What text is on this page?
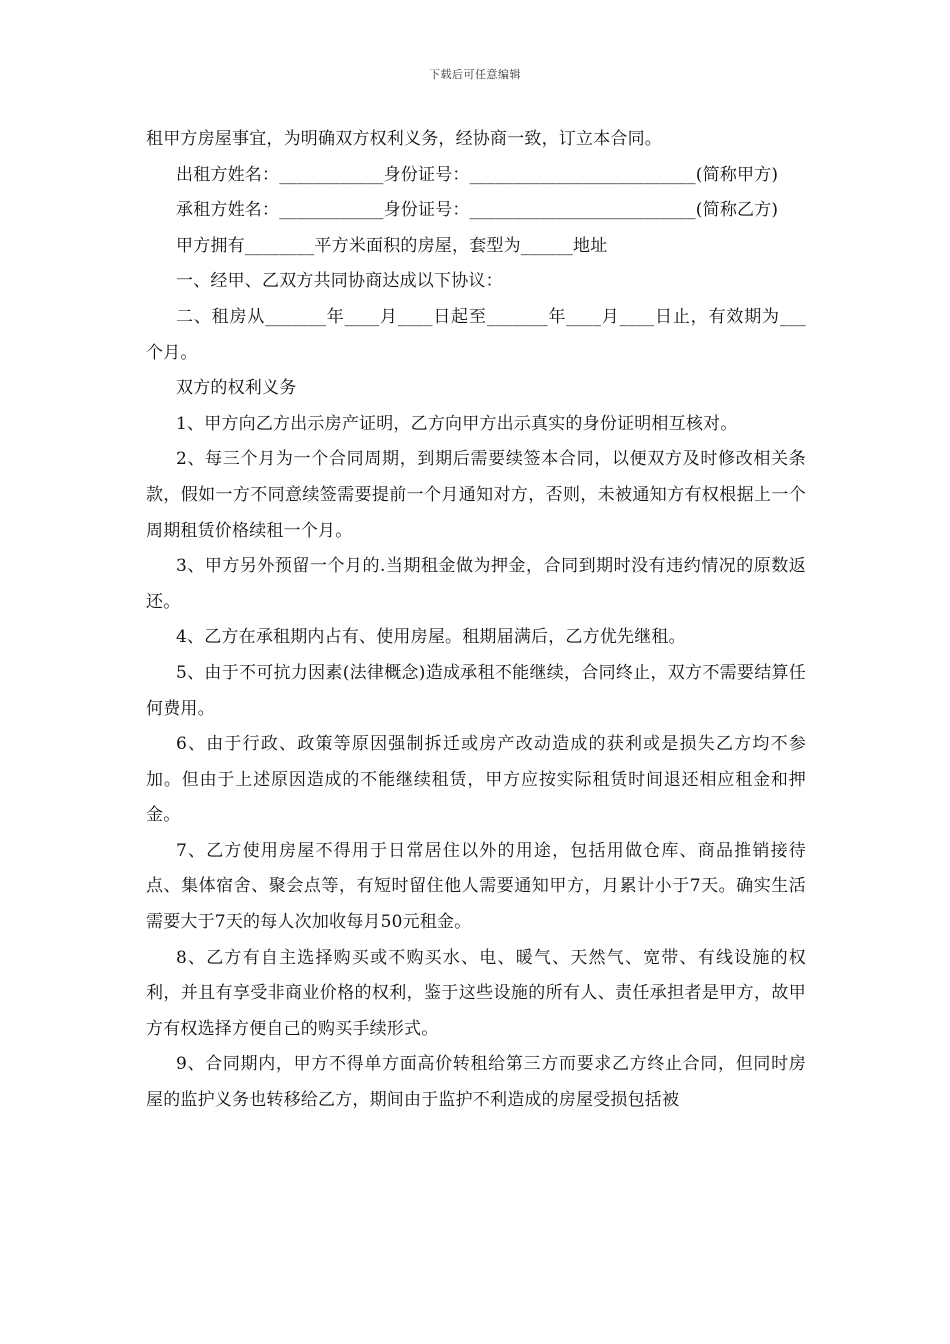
下载后可任意编辑

租甲方房屋事宜，为明确双方权利义务，经协商一致，订立本合同。

出租方姓名：____________身份证号：__________________________(简称甲方)

承租方姓名：____________身份证号：__________________________(简称乙方)

甲方拥有________平方米面积的房屋，套型为______地址

一、经甲、乙双方共同协商达成以下协议：

二、租房从_______年____月____日起至_______年____月____日止，有效期为___个月。

双方的权利义务

1、甲方向乙方出示房产证明，乙方向甲方出示真实的身份证明相互核对。

2、每三个月为一个合同周期，到期后需要续签本合同，以便双方及时修改相关条款，假如一方不同意续签需要提前一个月通知对方，否则，未被通知方有权根据上一个周期租赁价格续租一个月。

3、甲方另外预留一个月的.当期租金做为押金，合同到期时没有违约情况的原数返还。

4、乙方在承租期内占有、使用房屋。租期届满后，乙方优先继租。

5、由于不可抗力因素(法律概念)造成承租不能继续，合同终止，双方不需要结算任何费用。

6、由于行政、政策等原因强制拆迁或房产改动造成的获利或是损失乙方均不参加。但由于上述原因造成的不能继续租赁，甲方应按实际租赁时间退还相应租金和押金。

7、乙方使用房屋不得用于日常居住以外的用途，包括用做仓库、商品推销接待点、集体宿舍、聚会点等，有短时留住他人需要通知甲方，月累计小于7天。确实生活需要大于7天的每人次加收每月50元租金。

8、乙方有自主选择购买或不购买水、电、暖气、天然气、宽带、有线设施的权利，并且有享受非商业价格的权利，鉴于这些设施的所有人、责任承担者是甲方，故甲方有权选择方便自己的购买手续形式。

9、合同期内，甲方不得单方面高价转租给第三方而要求乙方终止合同，但同时房屋的监护义务也转移给乙方，期间由于监护不利造成的房屋受损包括被
